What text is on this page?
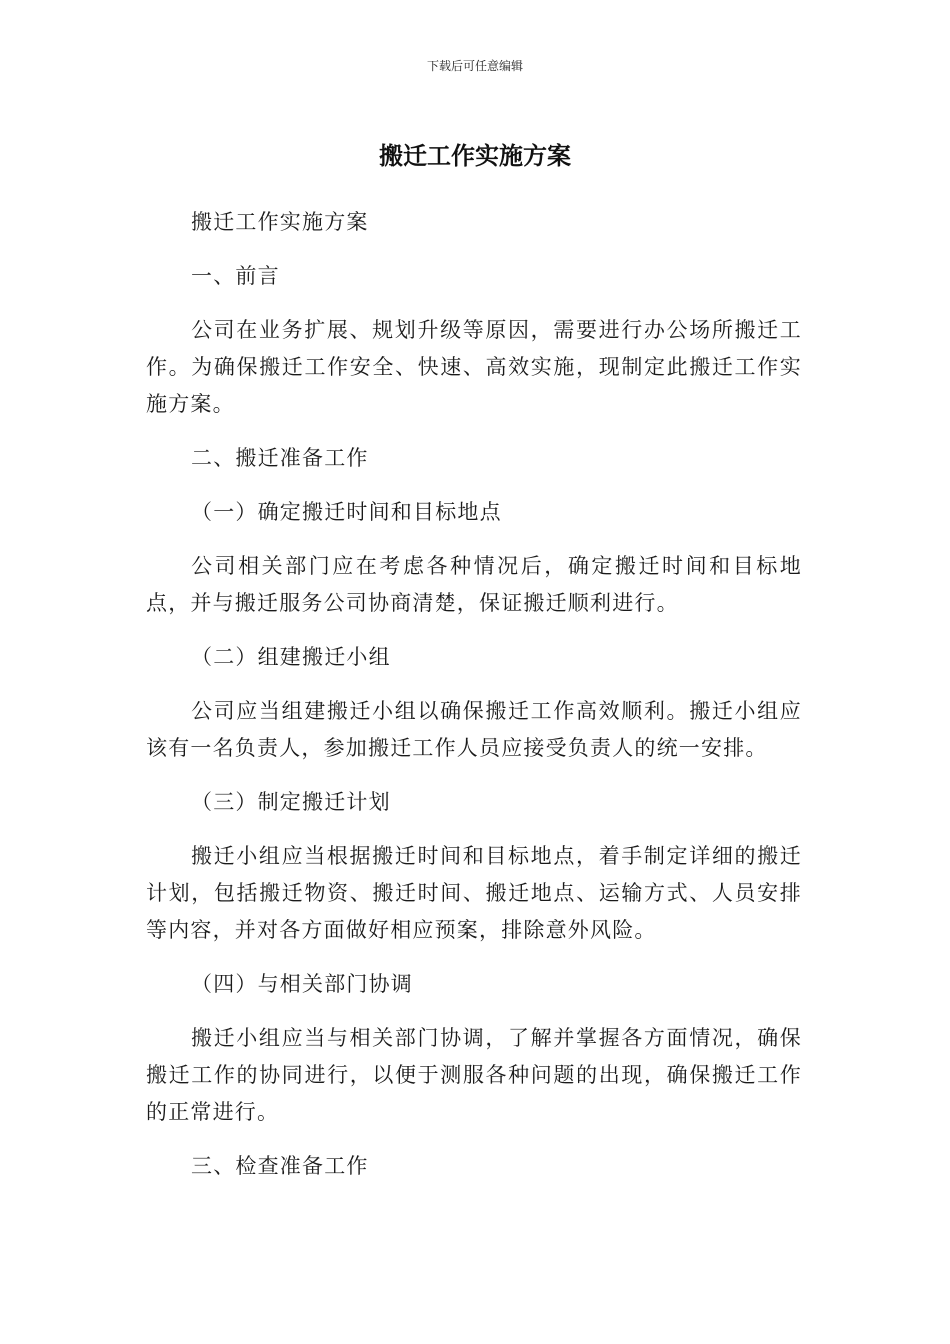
下载后可任意编辑
搬迁工作实施方案

搬迁工作实施方案

一、前言

公司在业务扩展、规划升级等原因，需要进行办公场所搬迁工作。为确保搬迁工作安全、快速、高效实施，现制定此搬迁工作实施方案。

二、搬迁准备工作

（一）确定搬迁时间和目标地点

公司相关部门应在考虑各种情况后，确定搬迁时间和目标地点，并与搬迁服务公司协商清楚，保证搬迁顺利进行。

（二）组建搬迁小组

公司应当组建搬迁小组以确保搬迁工作高效顺利。搬迁小组应该有一名负责人，参加搬迁工作人员应接受负责人的统一安排。

（三）制定搬迁计划

搬迁小组应当根据搬迁时间和目标地点，着手制定详细的搬迁计划，包括搬迁物资、搬迁时间、搬迁地点、运输方式、人员安排等内容，并对各方面做好相应预案，排除意外风险。

（四）与相关部门协调

搬迁小组应当与相关部门协调，了解并掌握各方面情况，确保搬迁工作的协同进行，以便于测服各种问题的出现，确保搬迁工作的正常进行。

三、检查准备工作
